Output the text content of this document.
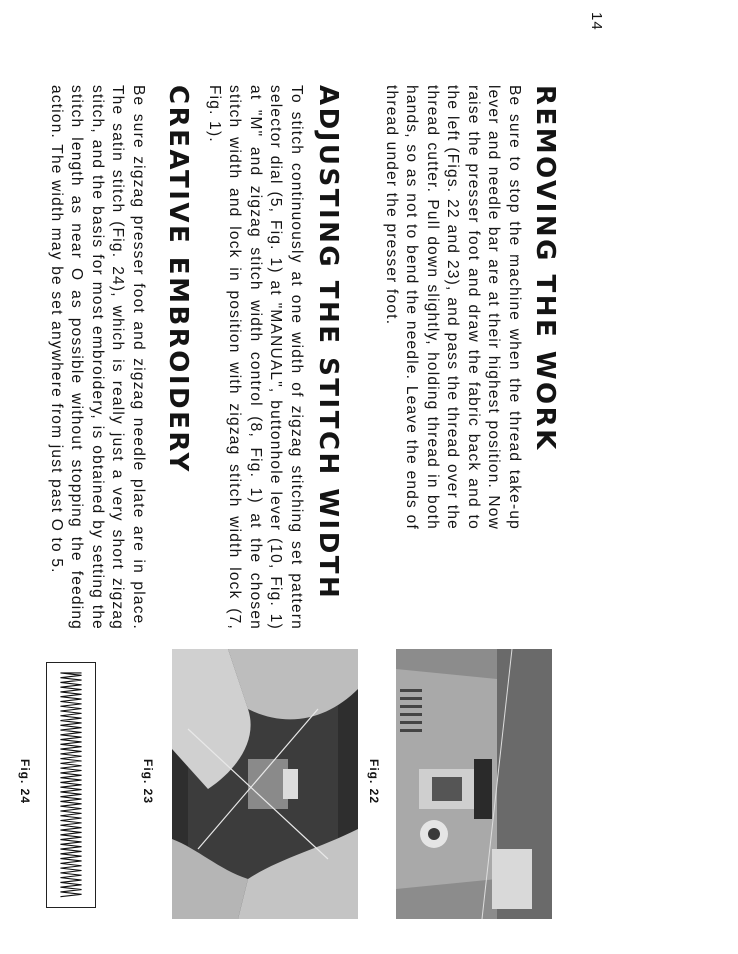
14
REMOVING THE WORK

Be sure to stop the machine when the thread take-up lever and needle bar are at their highest position. Now raise the presser foot and draw the fabric back and to the left (Figs. 22 and 23), and pass the thread over the thread cutter. Pull down slightly, holding thread in both hands, so as not to bend the needle. Leave the ends of thread under the presser foot.

ADJUSTING THE STITCH WIDTH

To stitch continuously at one width of zigzag stitching set pattern selector dial (5, Fig. 1) at "MANUAL", buttonhole lever (10, Fig. 1) at "M" and zigzag stitch width control (8, Fig. 1) at the chosen stitch width and lock in position with zigzag stitch width lock (7, Fig. 1).

CREATIVE EMBROIDERY

Be sure zigzag presser foot and zigzag needle plate are in place. The satin stitch (Fig. 24), which is really just a very short zigzag stitch, and the basis for most embroidery, is obtained by setting the stitch length as near O as possible without stopping the feeding action. The width may be set anywhere from just past O to 5.

Fig. 22
Fig. 23
Fig. 24
